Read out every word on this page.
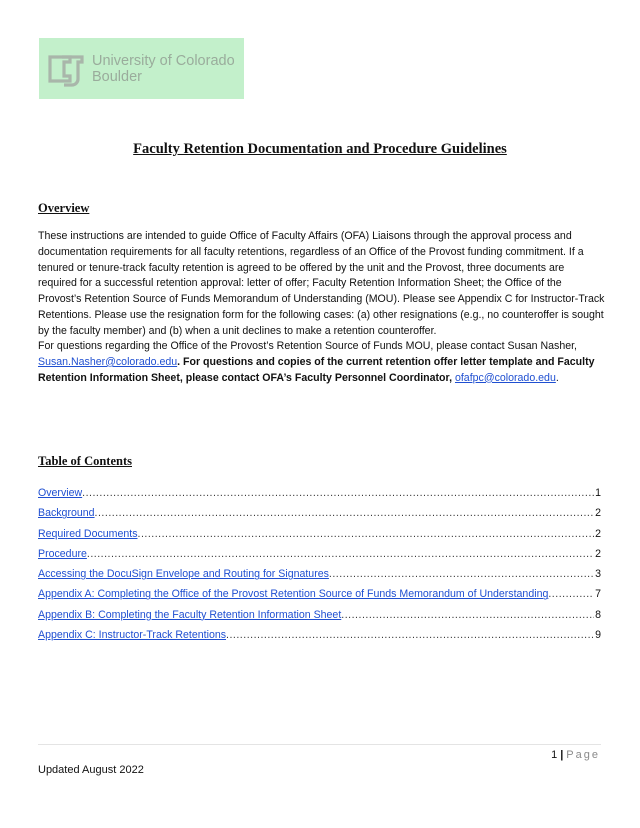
University of Colorado
Boulder
Faculty Retention Documentation and Procedure Guidelines
Overview

These instructions are intended to guide Office of Faculty Affairs (OFA) Liaisons through the approval process and documentation requirements for all faculty retentions, regardless of an Office of the Provost funding commitment. If a tenured or tenure-track faculty retention is agreed to be offered by the unit and the Provost, three documents are required for a successful retention approval: letter of offer; Faculty Retention Information Sheet; the Office of the Provost’s Retention Source of Funds Memorandum of Understanding (MOU). Please see Appendix C for Instructor-Track Retentions. Please use the resignation form for the following cases: (a) other resignations (e.g., no counteroffer is sought by the faculty member) and (b) when a unit declines to make a retention counteroffer.

For questions regarding the Office of the Provost’s Retention Source of Funds MOU, please contact Susan Nasher, Susan.Nasher@colorado.edu. For questions and copies of the current retention offer letter template and Faculty Retention Information Sheet, please contact OFA’s Faculty Personnel Coordinator, ofafpc@colorado.edu.

Table of Contents
Overview .....	1
Background .....	2
Required Documents .....	2
Procedure .....	2
Accessing the DocuSign Envelope and Routing for Signatures .....	3
Appendix A: Completing the Office of the Provost Retention Source of Funds Memorandum of Understanding .....	7
Appendix B: Completing the Faculty Retention Information Sheet .....	8
Appendix C: Instructor-Track Retentions .....	9
1 | Page
Updated August 2022
